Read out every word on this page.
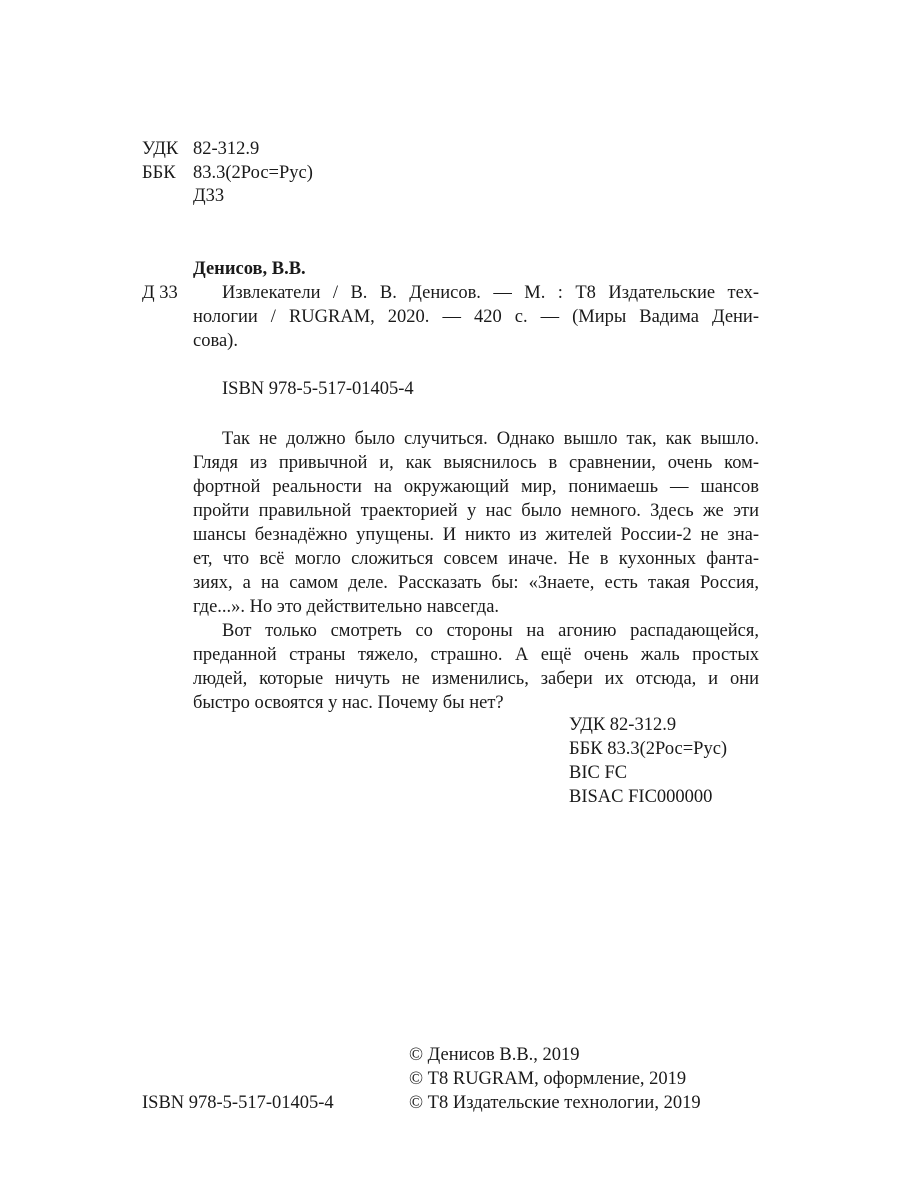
УДК 82-312.9
ББК 83.3(2Рос=Рус)
Д33
Денисов, В.В.
Д 33	Извлекатели / В. В. Денисов. — М. : Т8 Издательские тех-
нологии / RUGRAM, 2020. — 420 с. — (Миры Вадима Дени-
сова).
ISBN 978-5-517-01405-4
Так не должно было случиться. Однако вышло так, как вышло.
Глядя из привычной и, как выяснилось в сравнении, очень ком-
фортной реальности на окружающий мир, понимаешь — шансов
пройти правильной траекторией у нас было немного. Здесь же эти
шансы безнадёжно упущены. И никто из жителей России-2 не зна-
ет, что всё могло сложиться совсем иначе. Не в кухонных фанта-
зиях, а на самом деле. Рассказать бы: «Знаете, есть такая Россия,
где...». Но это действительно навсегда.
Вот только смотреть со стороны на агонию распадающейся,
преданной страны тяжело, страшно. А ещё очень жаль простых
людей, которые ничуть не изменились, забери их отсюда, и они
быстро освоятся у нас. Почему бы нет?
УДК 82-312.9
ББК 83.3(2Рос=Рус)
BIC FC
BISAC FIC000000
ISBN 978-5-517-01405-4
© Денисов В.В., 2019
© Т8 RUGRAM, оформление, 2019
© Т8 Издательские технологии, 2019
